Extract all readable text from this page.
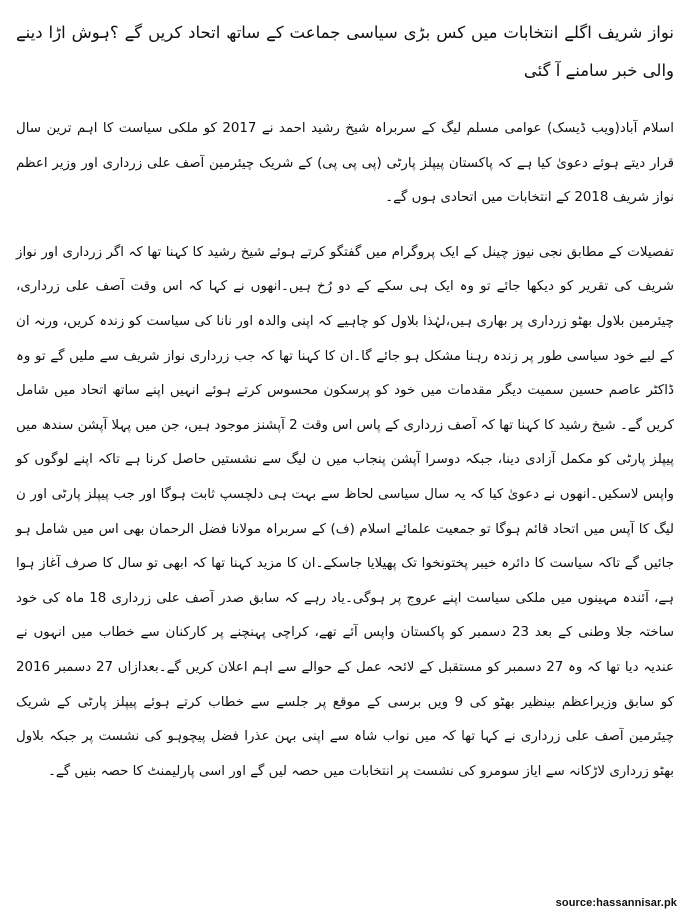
نواز شریف اگلے انتخابات میں کس بڑی سیاسی جماعت کے ساتھ اتحاد کریں گے ؟ہوش اڑا دینے والی خبر سامنے آ گئی

اسلام آباد(ویب ڈیسک) عوامی مسلم لیگ کے سربراہ شیخ رشید احمد نے 2017 کو ملکی سیاست کا اہم ترین سال قرار دیتے ہوئے دعویٰ کیا ہے کہ پاکستان پیپلز پارٹی (پی پی پی) کے شریک چیئرمین آصف علی زرداری اور وزیر اعظم نواز شریف 2018 کے انتخابات میں اتحادی ہوں گے۔

تفصیلات کے مطابق نجی نیوز چینل کے ایک پروگرام میں گفتگو کرتے ہوئے شیخ رشید کا کہنا تھا کہ اگر زرداری اور نواز شریف کی تقریر کو دیکھا جائے تو وہ ایک ہی سکے کے دو رُخ ہیں۔انھوں نے کہا کہ اس وقت آصف علی زرداری، چیئرمین بلاول بھٹو زرداری پر بھاری ہیں،لہٰذا بلاول کو چاہیے کہ اپنی والدہ اور نانا کی سیاست کو زندہ کریں، ورنہ ان کے لیے خود سیاسی طور پر زندہ رہنا مشکل ہو جائے گا۔ان کا کہنا تھا کہ جب زرداری نواز شریف سے ملیں گے تو وہ ڈاکٹر عاصم حسین سمیت دیگر مقدمات میں خود کو پرسکون محسوس کرتے ہوئے انہیں اپنے ساتھ اتحاد میں شامل کریں گے۔ شیخ رشید کا کہنا تھا کہ آصف زرداری کے پاس اس وقت 2 آپشنز موجود ہیں، جن میں پہلا آپشن سندھ میں پیپلز پارٹی کو مکمل آزادی دینا، جبکہ دوسرا آپشن پنجاب میں ن لیگ سے نشستیں حاصل کرنا ہے تاکہ اپنے لوگوں کو واپس لاسکیں۔انھوں نے دعویٰ کیا کہ یہ سال سیاسی لحاظ سے بہت ہی دلچسپ ثابت ہوگا اور جب پیپلز پارٹی اور ن لیگ کا آپس میں اتحاد قائم ہوگا تو جمعیت علمائے اسلام (ف) کے سربراہ مولانا فضل الرحمان بھی اس میں شامل ہو جائیں گے تاکہ سیاست کا دائرہ خیبر پختونخوا تک پھیلایا جاسکے۔ان کا مزید کہنا تھا کہ ابھی تو سال کا صرف آغاز ہوا ہے، آئندہ مہینوں میں ملکی سیاست اپنے عروج پر ہوگی۔یاد رہے کہ سابق صدر آصف علی زرداری 18 ماہ کی خود ساختہ جلا وطنی کے بعد 23 دسمبر کو پاکستان واپس آئے تھے، کراچی پہنچنے پر کارکنان سے خطاب میں انہوں نے عندیہ دیا تھا کہ وہ 27 دسمبر کو مستقبل کے لائحہ عمل کے حوالے سے اہم اعلان کریں گے۔بعدازاں 27 دسمبر 2016 کو سابق وزیراعظم بینظیر بھٹو کی 9 ویں برسی کے موقع پر جلسے سے خطاب کرتے ہوئے پیپلز پارٹی کے شریک چیئرمین آصف علی زرداری نے کہا تھا کہ میں نواب شاہ سے اپنی بہن عذرا فضل پیچوہو کی نشست پر جبکہ بلاول بھٹو زرداری لاڑکانہ سے ایاز سومرو کی نشست پر انتخابات میں حصہ لیں گے اور اسی پارلیمنٹ کا حصہ بنیں گے۔

source:hassannisar.pk
